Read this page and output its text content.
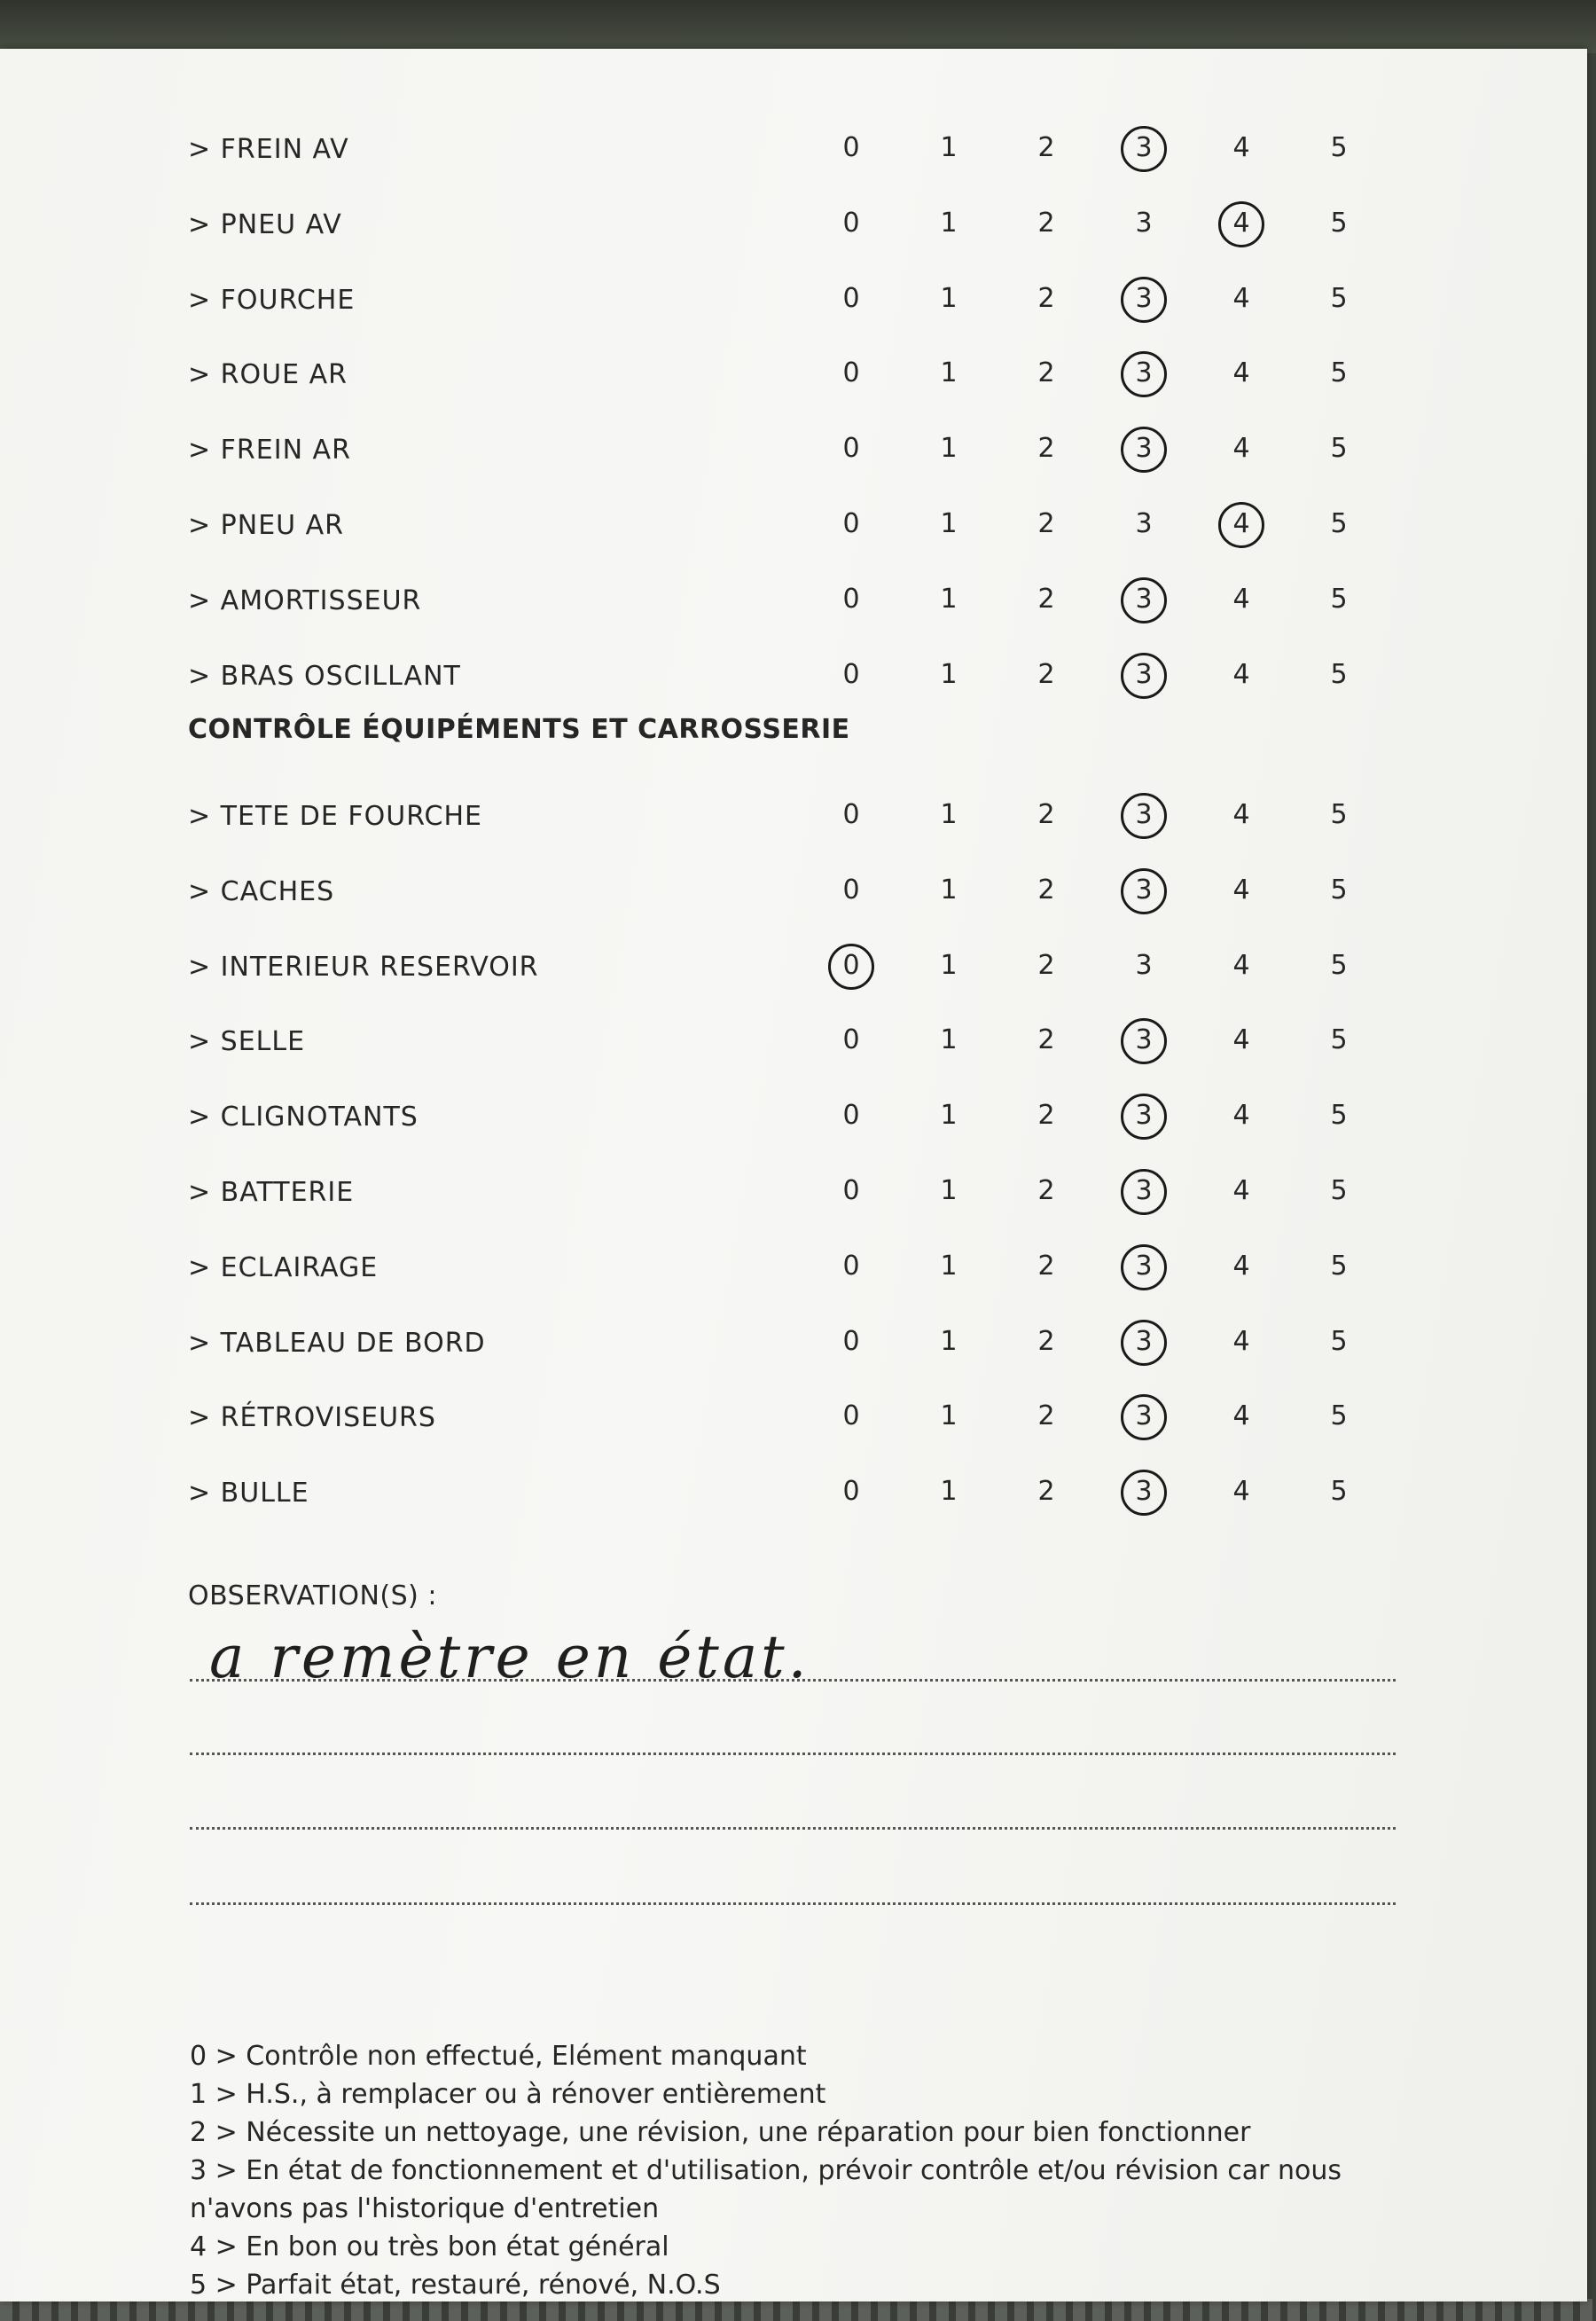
> FREIN AV	0	1	2	3	4	5
> PNEU AV	0	1	2	3	4	5
> FOURCHE	0	1	2	3	4	5
> ROUE AR	0	1	2	3	4	5
> FREIN AR	0	1	2	3	4	5
> PNEU AR	0	1	2	3	4	5
> AMORTISSEUR	0	1	2	3	4	5
> BRAS OSCILLANT	0	1	2	3	4	5
CONTRÔLE ÉQUIPÉMENTS ET CARROSSERIE
> TETE DE FOURCHE	0	1	2	3	4	5
> CACHES	0	1	2	3	4	5
> INTERIEUR RESERVOIR	0	1	2	3	4	5
> SELLE	0	1	2	3	4	5
> CLIGNOTANTS	0	1	2	3	4	5
> BATTERIE	0	1	2	3	4	5
> ECLAIRAGE	0	1	2	3	4	5
> TABLEAU DE BORD	0	1	2	3	4	5
> RÉTROVISEURS	0	1	2	3	4	5
> BULLE	0	1	2	3	4	5
OBSERVATION(S) :
a remètre en état.
0 > Contrôle non effectué, Elément manquant
1 > H.S., à remplacer ou à rénover entièrement
2 > Nécessite un nettoyage, une révision, une réparation pour bien fonctionner
3 > En état de fonctionnement et d'utilisation, prévoir contrôle et/ou révision car nous
n'avons pas l'historique d'entretien
4 > En bon ou très bon état général
5 > Parfait état, restauré, rénové, N.O.S
